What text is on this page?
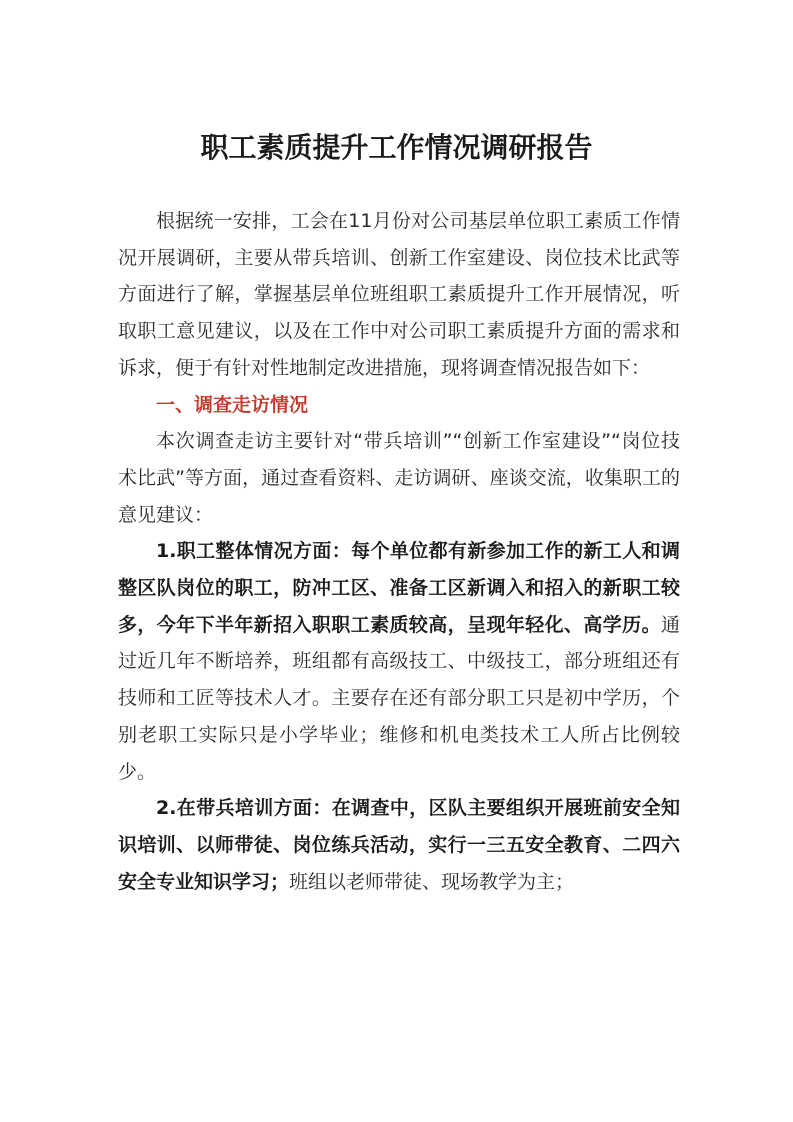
职工素质提升工作情况调研报告

根据统一安排，工会在11月份对公司基层单位职工素质工作情况开展调研，主要从带兵培训、创新工作室建设、岗位技术比武等方面进行了解，掌握基层单位班组职工素质提升工作开展情况，听取职工意见建议，以及在工作中对公司职工素质提升方面的需求和诉求，便于有针对性地制定改进措施，现将调查情况报告如下：

一、调查走访情况

本次调查走访主要针对“带兵培训”“创新工作室建设”“岗位技术比武”等方面，通过查看资料、走访调研、座谈交流，收集职工的意见建议：

1.职工整体情况方面：每个单位都有新参加工作的新工人和调整区队岗位的职工，防冲工区、准备工区新调入和招入的新职工较多，今年下半年新招入职职工素质较高，呈现年轻化、高学历。通过近几年不断培养，班组都有高级技工、中级技工，部分班组还有技师和工匠等技术人才。主要存在还有部分职工只是初中学历，个别老职工实际只是小学毕业；维修和机电类技术工人所占比例较少。

2.在带兵培训方面：在调查中，区队主要组织开展班前安全知识培训、以师带徒、岗位练兵活动，实行一三五安全教育、二四六安全专业知识学习；班组以老师带徒、现场教学为主；
